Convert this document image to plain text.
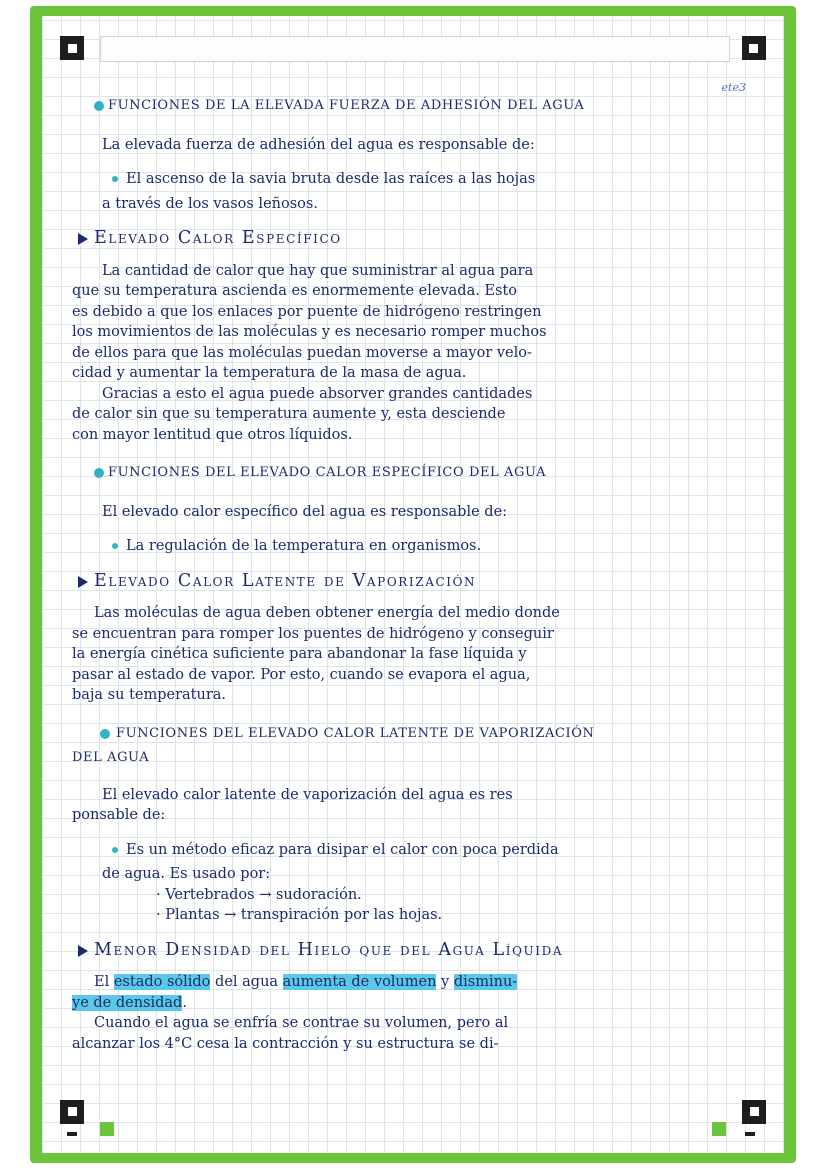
ete3
FUNCIONES DE LA ELEVADA FUERZA DE ADHESIÓN DEL AGUA

La elevada fuerza de adhesión del agua es responsable de:

El ascenso de la savia bruta desde las raíces a las hojas

a través de los vasos leñosos.

Elevado Calor Específico
La cantidad de calor que hay que suministrar al agua para
que su temperatura ascienda es enormemente elevada. Esto
es debido a que los enlaces por puente de hidrógeno restringen
los movimientos de las moléculas y es necesario romper muchos
de ellos para que las moléculas puedan moverse a mayor velo-
cidad y aumentar la temperatura de la masa de agua.
Gracias a esto el agua puede absorver grandes cantidades
de calor sin que su temperatura aumente y, esta desciende
con mayor lentitud que otros líquidos.
FUNCIONES DEL ELEVADO CALOR ESPECÍFICO DEL AGUA

El elevado calor específico del agua es responsable de:

La regulación de la temperatura en organismos.
Elevado Calor Latente de Vaporización
Las moléculas de agua deben obtener energía del medio donde
se encuentran para romper los puentes de hidrógeno y conseguir
la energía cinética suficiente para abandonar la fase líquida y
pasar al estado de vapor. Por esto, cuando se evapora el agua,
baja su temperatura.
FUNCIONES DEL ELEVADO CALOR LATENTE DE VAPORIZACIÓN

DEL AGUA

El elevado calor latente de vaporización del agua es res

ponsable de:

Es un método eficaz para disipar el calor con poca perdida

de agua. Es usado por:

· Vertebrados → sudoración.

· Plantas → transpiración por las hojas.

Menor Densidad del Hielo que del Agua Líquida
El estado sólido del agua aumenta de volumen y disminu-
ye de densidad.
Cuando el agua se enfría se contrae su volumen, pero al
alcanzar los 4°C cesa la contracción y su estructura se di-
